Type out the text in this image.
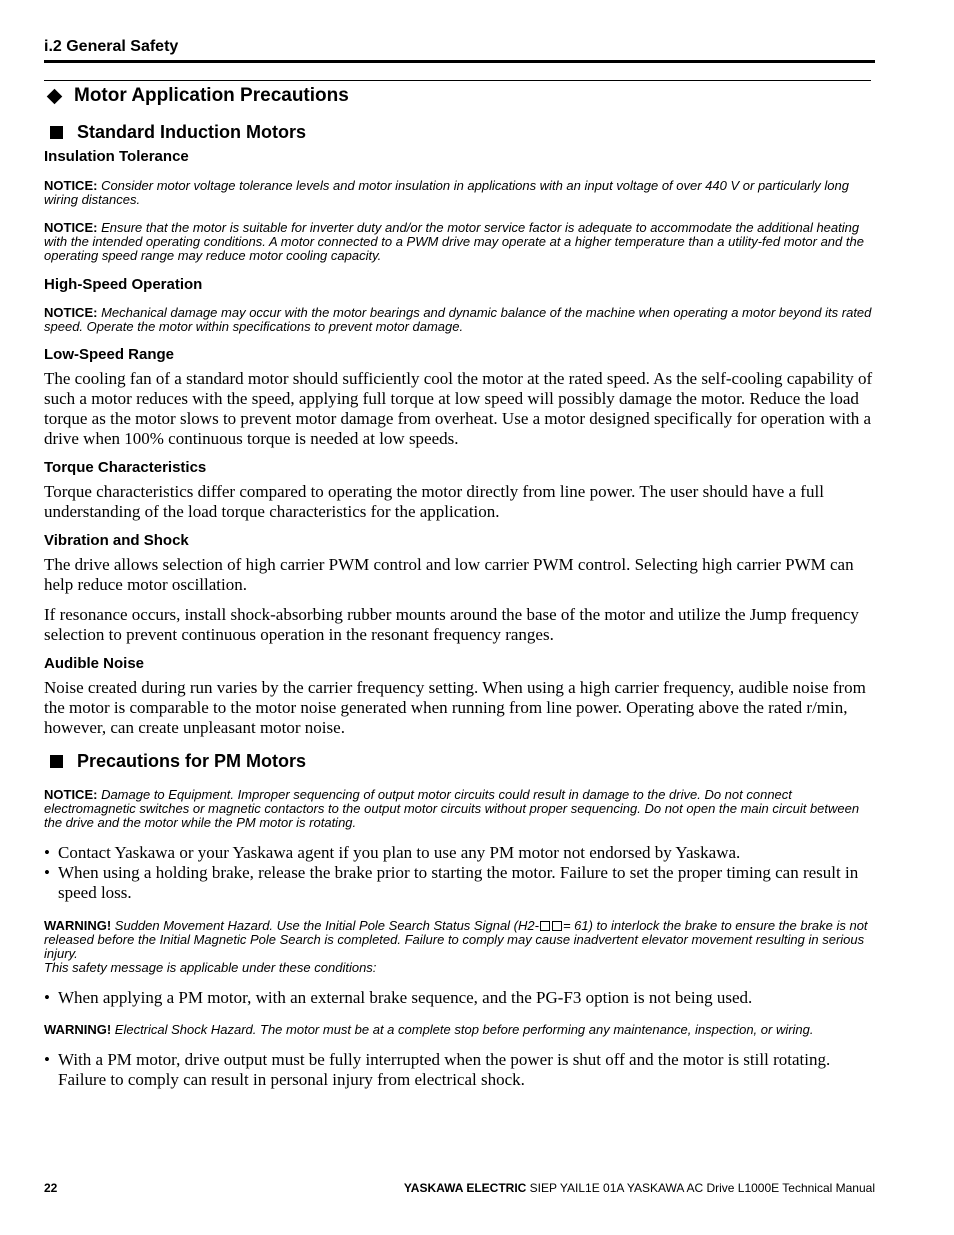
i.2 General Safety
Motor Application Precautions
Standard Induction Motors
Insulation Tolerance

NOTICE: Consider motor voltage tolerance levels and motor insulation in applications with an input voltage of over 440 V or particularly long wiring distances.

NOTICE: Ensure that the motor is suitable for inverter duty and/or the motor service factor is adequate to accommodate the additional heating with the intended operating conditions. A motor connected to a PWM drive may operate at a higher temperature than a utility-fed motor and the operating speed range may reduce motor cooling capacity.

High-Speed Operation

NOTICE: Mechanical damage may occur with the motor bearings and dynamic balance of the machine when operating a motor beyond its rated speed. Operate the motor within specifications to prevent motor damage.

Low-Speed Range

The cooling fan of a standard motor should sufficiently cool the motor at the rated speed. As the self-cooling capability of such a motor reduces with the speed, applying full torque at low speed will possibly damage the motor. Reduce the load torque as the motor slows to prevent motor damage from overheat. Use a motor designed specifically for operation with a drive when 100% continuous torque is needed at low speeds.

Torque Characteristics

Torque characteristics differ compared to operating the motor directly from line power. The user should have a full understanding of the load torque characteristics for the application.

Vibration and Shock

The drive allows selection of high carrier PWM control and low carrier PWM control. Selecting high carrier PWM can help reduce motor oscillation.

If resonance occurs, install shock-absorbing rubber mounts around the base of the motor and utilize the Jump frequency selection to prevent continuous operation in the resonant frequency ranges.

Audible Noise

Noise created during run varies by the carrier frequency setting. When using a high carrier frequency, audible noise from the motor is comparable to the motor noise generated when running from line power. Operating above the rated r/min, however, can create unpleasant motor noise.

Precautions for PM Motors

NOTICE: Damage to Equipment. Improper sequencing of output motor circuits could result in damage to the drive. Do not connect electromagnetic switches or magnetic contactors to the output motor circuits without proper sequencing. Do not open the main circuit between the drive and the motor while the PM motor is rotating.

• Contact Yaskawa or your Yaskawa agent if you plan to use any PM motor not endorsed by Yaskawa.
• When using a holding brake, release the brake prior to starting the motor. Failure to set the proper timing can result in speed loss.

WARNING! Sudden Movement Hazard. Use the Initial Pole Search Status Signal (H2- = 61) to interlock the brake to ensure the brake is not released before the Initial Magnetic Pole Search is completed. Failure to comply may cause inadvertent elevator movement resulting in serious injury.
This safety message is applicable under these conditions:

• When applying a PM motor, with an external brake sequence, and the PG-F3 option is not being used.

WARNING! Electrical Shock Hazard. The motor must be at a complete stop before performing any maintenance, inspection, or wiring.

• With a PM motor, drive output must be fully interrupted when the power is shut off and the motor is still rotating. Failure to comply can result in personal injury from electrical shock.
22	YASKAWA ELECTRIC SIEP YAIL1E 01A YASKAWA AC Drive L1000E Technical Manual
